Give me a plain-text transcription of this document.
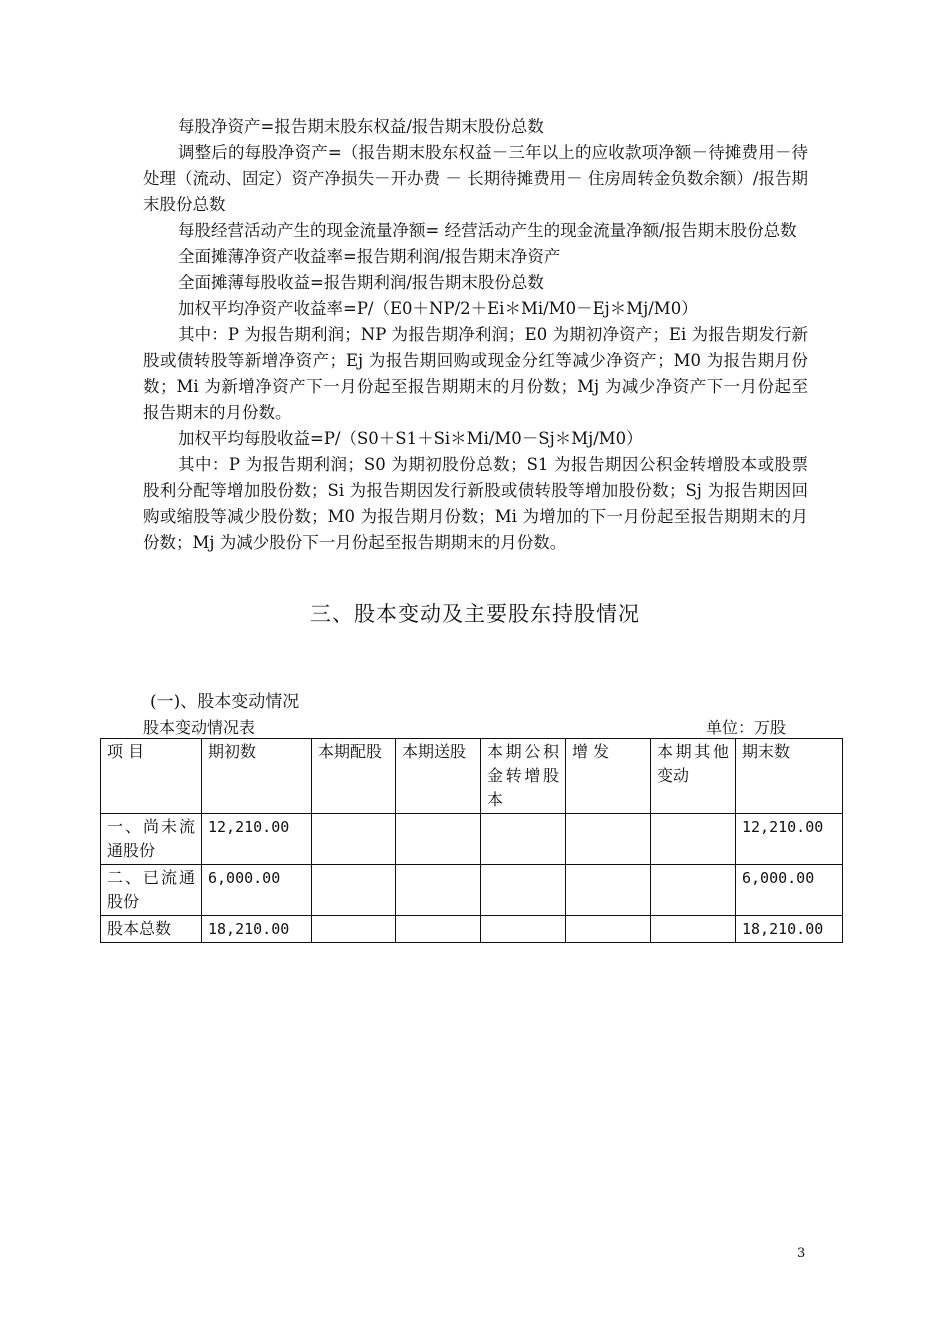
每股净资产=报告期末股东权益/报告期末股份总数

调整后的每股净资产=（报告期末股东权益－三年以上的应收款项净额－待摊费用－待处理（流动、固定）资产净损失－开办费 － 长期待摊费用－ 住房周转金负数余额）/报告期末股份总数

每股经营活动产生的现金流量净额= 经营活动产生的现金流量净额/报告期末股份总数

全面摊薄净资产收益率=报告期利润/报告期末净资产

全面摊薄每股收益=报告期利润/报告期末股份总数

加权平均净资产收益率=P/（E0＋NP/2＋Ei＊Mi/M0－Ej＊Mj/M0）

其中：P 为报告期利润；NP 为报告期净利润；E0 为期初净资产；Ei 为报告期发行新股或债转股等新增净资产；Ej 为报告期回购或现金分红等减少净资产；M0 为报告期月份数；Mi 为新增净资产下一月份起至报告期期末的月份数；Mj 为减少净资产下一月份起至报告期末的月份数。

加权平均每股收益=P/（S0＋S1＋Si＊Mi/M0－Sj＊Mj/M0）

其中：P 为报告期利润；S0 为期初股份总数；S1 为报告期因公积金转增股本或股票股利分配等增加股份数；Si 为报告期因发行新股或债转股等增加股份数；Sj 为报告期因回购或缩股等减少股份数；M0 为报告期月份数；Mi 为增加的下一月份起至报告期期末的月份数；Mj 为减少股份下一月份起至报告期期末的月份数。

三、股本变动及主要股东持股情况
(一)、股本变动情况
股本变动情况表	单位：万股
项 目	期初数	本期配股	本期送股	本期公积金转增股本	增 发	本期其他变动	期末数
一、尚未流通股份	12,210.00						12,210.00
二、已流通股份	6,000.00						6,000.00
股本总数	18,210.00						18,210.00
3
